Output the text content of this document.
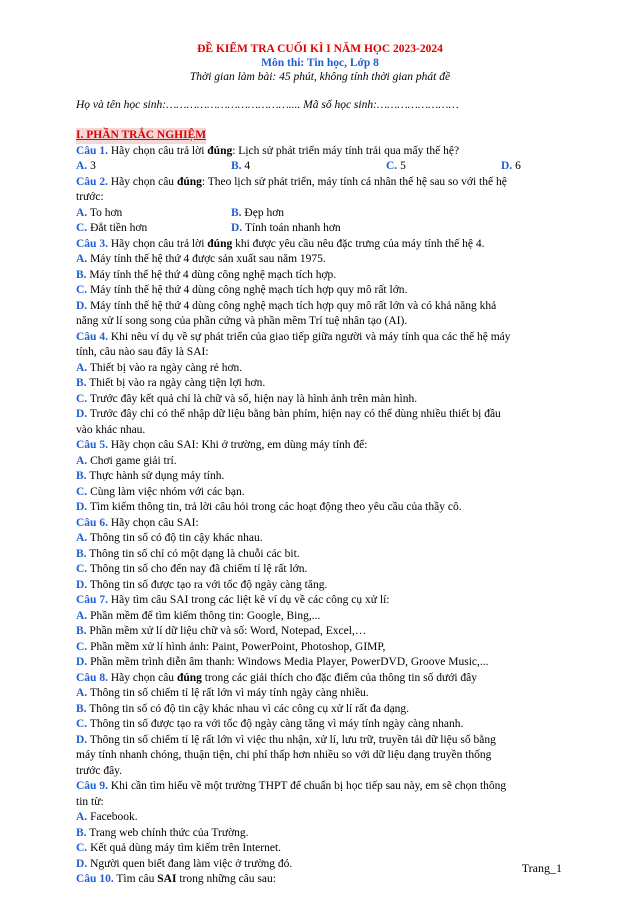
ĐỀ KIỂM TRA CUỐI KÌ I NĂM HỌC 2023-2024
Môn thi: Tin học, Lớp 8
Thời gian làm bài: 45 phút, không tính thời gian phát đề
Họ và tên học sinh:……………………………….... Mã số học sinh:……………………
I. PHẦN TRẮC NGHIỆM
Câu 1. Hãy chọn câu trả lời đúng: Lịch sử phát triển máy tính trải qua mấy thế hệ?
A. 3	B. 4	C. 5	D. 6
Câu 2. Hãy chọn câu đúng: Theo lịch sử phát triển, máy tính cá nhân thế hệ sau so với thế hệ
trước:
A. To hơn	B. Đẹp hơn
C. Đắt tiền hơn	D. Tính toán nhanh hơn
Câu 3. Hãy chọn câu trả lời đúng khi được yêu cầu nêu đặc trưng của máy tính thế hệ 4.
A. Máy tính thế hệ thứ 4 được sản xuất sau năm 1975.
B. Máy tính thế hệ thứ 4 dùng công nghệ mạch tích hợp.
C. Máy tính thế hệ thứ 4 dùng công nghệ mạch tích hợp quy mô rất lớn.
D. Máy tính thế hệ thứ 4 dùng công nghệ mạch tích hợp quy mô rất lớn và có khả năng khả
năng xử lí song song của phần cứng và phần mềm Trí tuệ nhân tạo (AI).
Câu 4. Khi nêu ví dụ về sự phát triển của giao tiếp giữa người và máy tính qua các thế hệ máy
tính, câu nào sau đây là SAI:
A. Thiết bị vào ra ngày càng rẻ hơn.
B. Thiết bị vào ra ngày càng tiện lợi hơn.
C. Trước đây kết quả chỉ là chữ và số, hiện nay là hình ảnh trên màn hình.
D. Trước đây chỉ có thể nhập dữ liệu bằng bàn phím, hiện nay có thể dùng nhiều thiết bị đầu
vào khác nhau.
Câu 5. Hãy chọn câu SAI: Khi ở trường, em dùng máy tính để:
A. Chơi game giải trí.
B. Thực hành sử dụng máy tính.
C. Cùng làm việc nhóm với các bạn.
D. Tìm kiếm thông tin, trả lời câu hỏi trong các hoạt động theo yêu cầu của thầy cô.
Câu 6. Hãy chọn câu SAI:
A. Thông tin số có độ tin cậy khác nhau.
B. Thông tin số chỉ có một dạng là chuỗi các bit.
C. Thông tin số cho đến nay đã chiếm tỉ lệ rất lớn.
D. Thông tin số được tạo ra với tốc độ ngày càng tăng.
Câu 7. Hãy tìm câu SAI trong các liệt kê ví dụ về các công cụ xử lí:
A. Phần mềm để tìm kiếm thông tin: Google, Bing,...
B. Phần mềm xử lí dữ liệu chữ và số: Word, Notepad, Excel,…
C. Phần mềm xử lí hình ảnh: Paint, PowerPoint, Photoshop, GIMP,
D. Phần mềm trình diễn âm thanh: Windows Media Player, PowerDVD, Groove Music,...
Câu 8. Hãy chọn câu đúng trong các giải thích cho đặc điểm của thông tin số dưới đây
A. Thông tin số chiếm tỉ lệ rất lớn vì máy tính ngày càng nhiều.
B. Thông tin số có độ tin cậy khác nhau vì các công cụ xử lí rất đa dạng.
C. Thông tin số được tạo ra với tốc độ ngày càng tăng vì máy tính ngày càng nhanh.
D. Thông tin số chiếm tỉ lệ rất lớn vì việc thu nhận, xử lí, lưu trữ, truyền tải dữ liệu số bằng
máy tính nhanh chóng, thuận tiện, chi phí thấp hơn nhiều so với dữ liệu dạng truyền thống
trước đây.
Câu 9. Khi cần tìm hiểu về một trường THPT để chuẩn bị học tiếp sau này, em sẽ chọn thông
tin từ:
A. Facebook.
B. Trang web chính thức của Trường.
C. Kết quả dùng máy tìm kiếm trên Internet.
D. Người quen biết đang làm việc ở trường đó.
Câu 10. Tìm câu SAI trong những câu sau:
Trang_1
